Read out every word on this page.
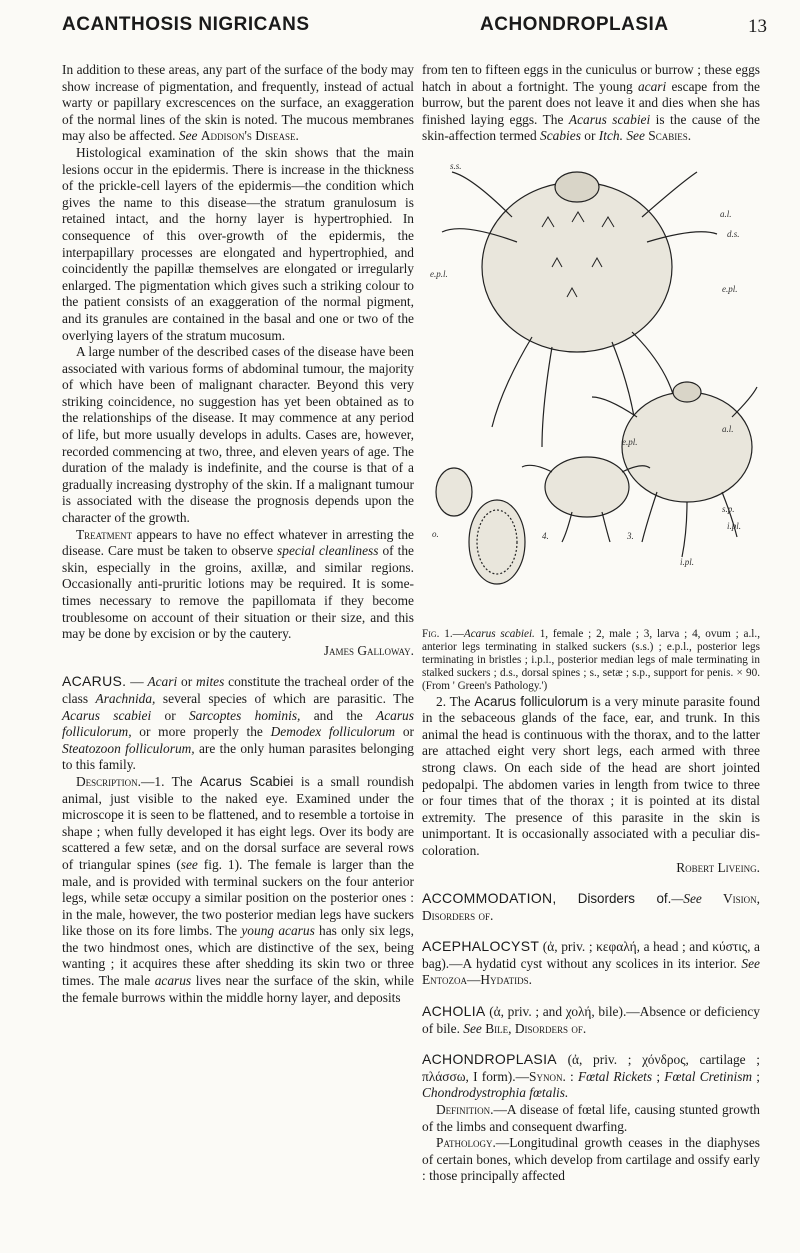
ACANTHOSIS NIGRICANS	ACHONDROPLASIA	13

In addition to these areas, any part of the surface of the body may show increase of pigmentation, and frequently, instead of actual warty or papillary excrescences on the surface, an exaggeration of the normal lines of the skin is noted. The mucous membranes may also be affected. See Addison's Disease.

Histological examination of the skin shows that the main lesions occur in the epidermis. There is increase in the thickness of the prickle-cell layers of the epidermis—the condition which gives the name to this disease—the stratum granulosum is retained intact, and the horny layer is hypertrophied. In consequence of this over-growth of the epidermis, the interpapillary processes are elongated and hypertrophied, and coincidently the papillæ themselves are elongated or irregularly enlarged. The pigmentation which gives such a striking colour to the patient consists of an exaggeration of the normal pigment, and its granules are contained in the basal and one or two of the overlying layers of the stratum mucosum.

A large number of the described cases of the disease have been associated with various forms of abdominal tumour, the majority of which have been of malignant character. Beyond this very striking coincidence, no suggestion has yet been obtained as to the relationships of the disease. It may commence at any period of life, but more usually develops in adults. Cases are, however, recorded commencing at two, three, and eleven years of age. The duration of the malady is indefinite, and the course is that of a gradually increasing dystrophy of the skin. If a malignant tumour is associated with the disease the prognosis depends upon the character of the growth.

Treatment appears to have no effect whatever in arresting the disease. Care must be taken to observe special cleanliness of the skin, especially in the groins, axillæ, and similar regions. Occasionally anti-pruritic lotions may be required. It is sometimes necessary to remove the papillomata if they become troublesome on account of their situation or their size, and this may be done by excision or by the cautery.
James Galloway.

ACARUS. — Acari or mites constitute the tracheal order of the class Arachnida, several species of which are parasitic. The Acarus scabiei or Sarcoptes hominis, and the Acarus folliculorum, or more properly the Demodex folliculorum or Steatozoon folliculorum, are the only human parasites belonging to this family.

Description.—1. The Acarus Scabiei is a small roundish animal, just visible to the naked eye. Examined under the microscope it is seen to be flattened, and to resemble a tortoise in shape ; when fully developed it has eight legs. Over its body are scattered a few setæ, and on the dorsal surface are several rows of triangular spines (see fig. 1). The female is larger than the male, and is provided with terminal suckers on the four anterior legs, while setæ occupy a similar position on the posterior ones : in the male, however, the two posterior median legs have suckers like those on its fore limbs. The young acarus has only six legs, the two hindmost ones, which are distinctive of the sex, being wanting ; it acquires these after shedding its skin two or three times. The male acarus lives near the surface of the skin, while the female burrows within the middle horny layer, and deposits

from ten to fifteen eggs in the cuniculus or burrow ; these eggs hatch in about a fortnight. The young acari escape from the burrow, but the parent does not leave it and dies when she has finished laying eggs. The Acarus scabiei is the cause of the skin-affection termed Scabies or Itch. See Scabies.

s.s.
a.l.
d.s.
e.p.l.
e.pl.
a.l.
s.p.
i.pl.
i.pl.
o.	4.	3.
e.pl.

Fig. 1.—Acarus scabiei. 1, female ; 2, male ; 3, larva ; 4, ovum ; a.l., anterior legs terminating in stalked suckers (s.s.) ; e.p.l., posterior legs terminating in bristles ; i.p.l., posterior median legs of male terminating in stalked suckers ; d.s., dorsal spines ; s., setæ ; s.p., support for penis. × 90. (From ' Green's Pathology.')

2. The Acarus folliculorum is a very minute parasite found in the sebaceous glands of the face, ear, and trunk. In this animal the head is continuous with the thorax, and to the latter are attached eight very short legs, each armed with three strong claws. On each side of the head are short jointed pedopalpi. The abdomen varies in length from twice to three or four times that of the thorax ; it is pointed at its distal extremity. The presence of this parasite in the skin is unimportant. It is occasionally associated with a peculiar discoloration.
Robert Liveing.

ACCOMMODATION, Disorders of.—See Vision, Disorders of.

ACEPHALOCYST (ἀ, priv. ; κεφαλή, a head ; and κύστις, a bag).—A hydatid cyst without any scolices in its interior. See Entozoa—Hydatids.

ACHOLIA (ἀ, priv. ; and χολή, bile).—Absence or deficiency of bile. See Bile, Disorders of.

ACHONDROPLASIA (ἀ, priv. ; χόνδρος, cartilage ; πλάσσω, I form).—Synon. : Fœtal Rickets ; Fœtal Cretinism ; Chondrodystrophia fœtalis.

Definition.—A disease of fœtal life, causing stunted growth of the limbs and consequent dwarfing.

Pathology.—Longitudinal growth ceases in the diaphyses of certain bones, which develop from cartilage and ossify early : those principally affected
